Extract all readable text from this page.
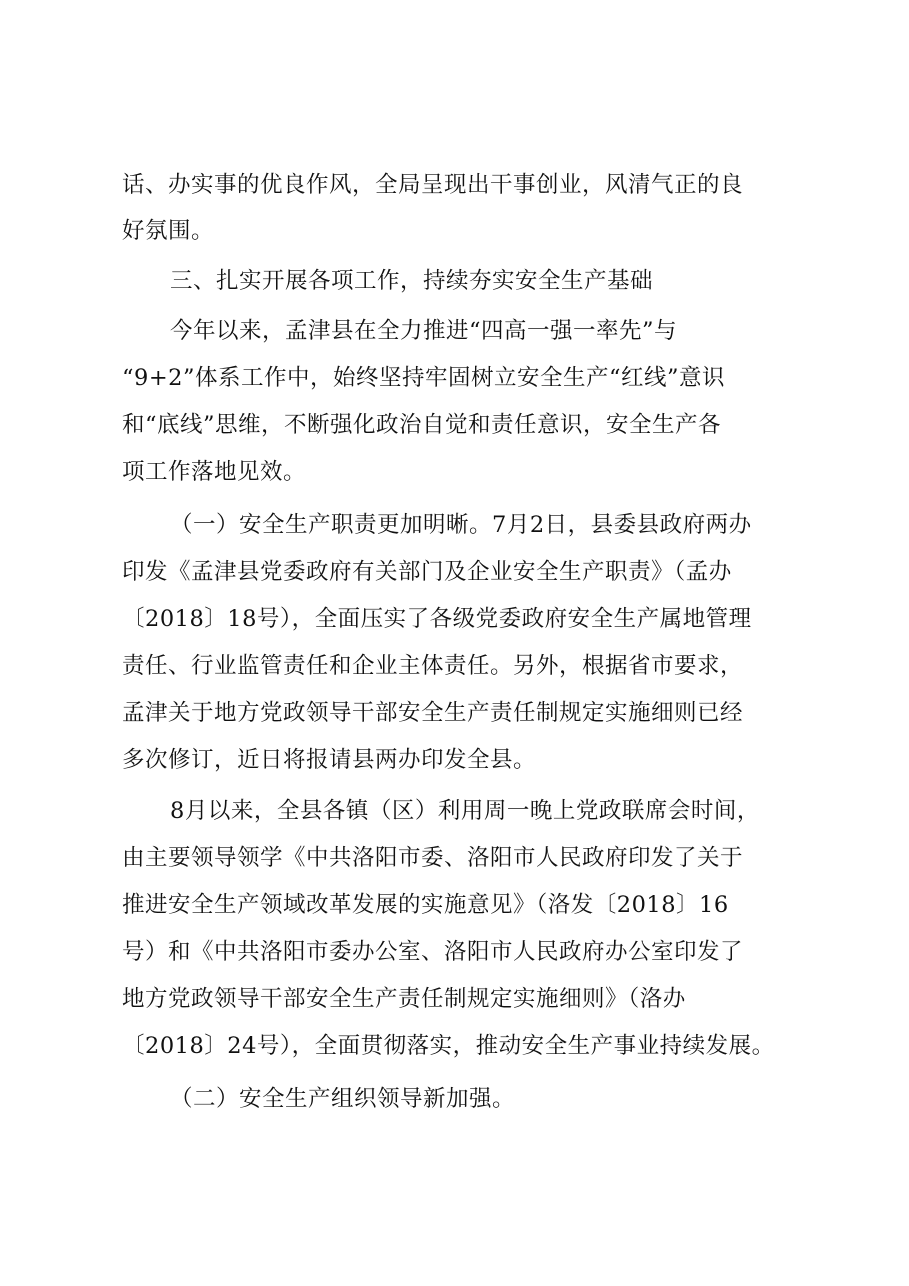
话、办实事的优良作风，全局呈现出干事创业，风清气正的良
好氛围。
三、扎实开展各项工作，持续夯实安全生产基础
今年以来，孟津县在全力推进“四高一强一率先”与
“9+2”体系工作中，始终坚持牢固树立安全生产“红线”意识
和“底线”思维，不断强化政治自觉和责任意识，安全生产各
项工作落地见效。
（一）安全生产职责更加明晰。7月2日，县委县政府两办
印发《孟津县党委政府有关部门及企业安全生产职责》（孟办
〔2018〕18号），全面压实了各级党委政府安全生产属地管理
责任、行业监管责任和企业主体责任。另外，根据省市要求，
孟津关于地方党政领导干部安全生产责任制规定实施细则已经
多次修订，近日将报请县两办印发全县。
8月以来，全县各镇（区）利用周一晚上党政联席会时间，
由主要领导领学《中共洛阳市委、洛阳市人民政府印发了关于
推进安全生产领域改革发展的实施意见》（洛发〔2018〕16
号）和《中共洛阳市委办公室、洛阳市人民政府办公室印发了
地方党政领导干部安全生产责任制规定实施细则》（洛办
〔2018〕24号），全面贯彻落实，推动安全生产事业持续发展。
（二）安全生产组织领导新加强。
